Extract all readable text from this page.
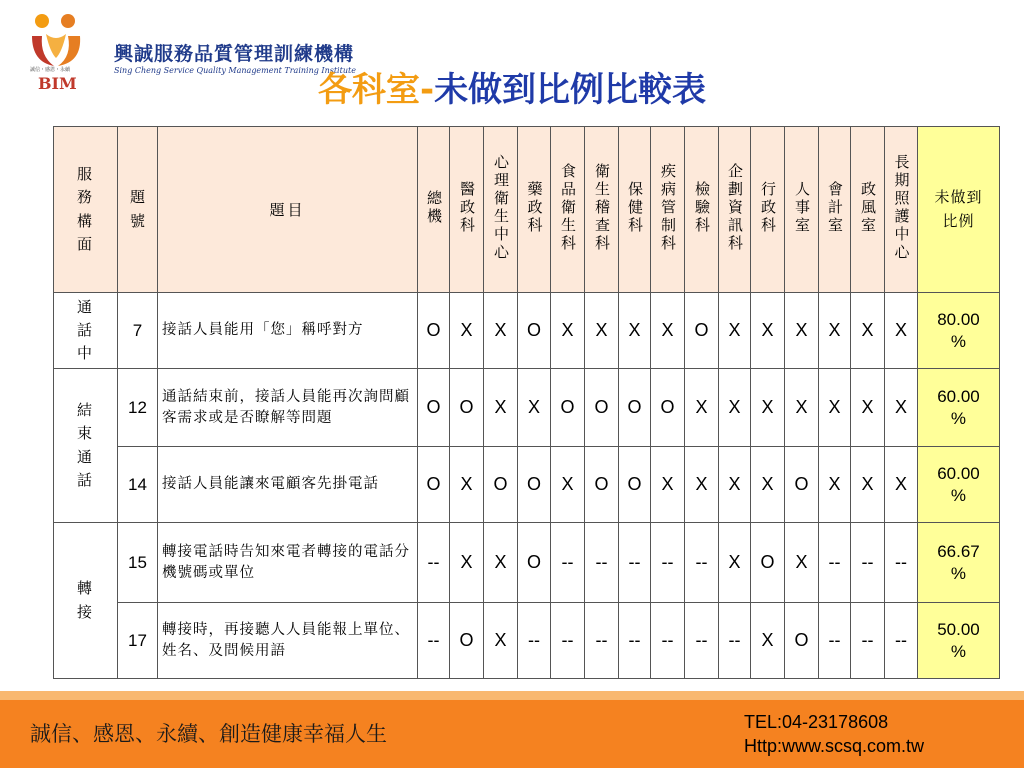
誠信・感恩・永續
BIM
興誠服務品質管理訓練機構
Sing Cheng Service Quality Management Training Institute
各科室-未做到比例比較表
服務構面	題號	題目	總機	醫政科	心理衛生中心	藥政科	食品衛生科	衛生稽查科	保健科	疾病管制科	檢驗科	企劃資訊科	行政科	人事室	會計室	政風室	長期照護中心	未做到比例
通話中	7	接話人員能用「您」稱呼對方	O	X	X	O	X	X	X	X	O	X	X	X	X	X	X	80.00 %
結束通話	12	通話結束前，接話人員能再次詢問顧客需求或是否瞭解等問題	O	O	X	X	O	O	O	O	X	X	X	X	X	X	X	60.00 %
	14	接話人員能讓來電顧客先掛電話	O	X	O	O	X	O	O	X	X	X	X	O	X	X	X	60.00 %
轉接	15	轉接電話時告知來電者轉接的電話分機號碼或單位	--	X	X	O	--	--	--	--	--	X	O	X	--	--	--	66.67 %
	17	轉接時，再接聽人人員能報上單位、姓名、及問候用語	--	O	X	--	--	--	--	--	--	--	X	O	--	--	--	50.00 %
誠信、感恩、永續、創造健康幸福人生	TEL:04-23178608
Http:www.scsq.com.tw
